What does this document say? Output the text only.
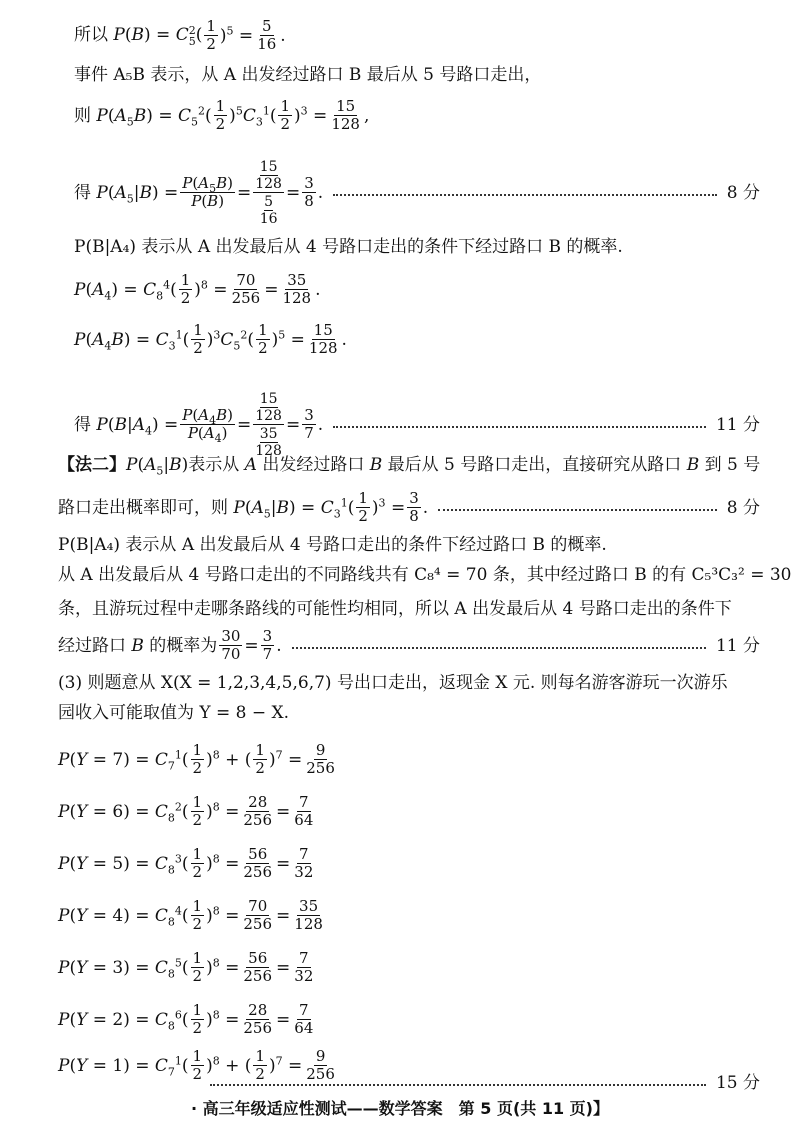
所以 P(B) = C 2
5 ( $\frac{1}{2} )^5 = \frac{5}{16}$ .
事件 A₅B 表示，从 A 出发经过路口 B 最后从 5 号路口走出，
则 $P(A_5B) = C_5^2( \frac{1}{2} )^5C_3^1( \frac{1}{2} )^3 = \frac{15}{128}$ ,
得 $P(A_5|B) = \frac{P(A_5B)}{P(B)} = \frac{\frac{15}{128}}{\frac{5}{16}} = \frac{3}{8}$ .	8 分
P(B|A₄) 表示从 A 出发最后从 4 号路口走出的条件下经过路口 B 的概率.
$P(A_4) = C_8^4( \frac{1}{2} )^8 = \frac{70}{256} = \frac{35}{128}$ .
$P(A_4B) = C_3^1( \frac{1}{2} )^3C_5^2( \frac{1}{2} )^5 = \frac{15}{128}$ .
得 $P(B|A_4) = \frac{P(A_4B)}{P(A_4)} = \frac{\frac{15}{128}}{\frac{35}{128}} = \frac{3}{7}$ .	11 分
【法二】 $P(A_5|B)$表示从 A 出发经过路口 B 最后从 5 号路口走出，直接研究从路口 B 到 5 号
路口走出概率即可，则 $P(A_5|B) = C_3^1( \frac{1}{2} )^3 = \frac{3}{8}$ .	8 分
P(B|A₄) 表示从 A 出发最后从 4 号路口走出的条件下经过路口 B 的概率.
从 A 出发最后从 4 号路口走出的不同路线共有 C₈⁴ = 70 条，其中经过路口 B 的有 C₅³C₃² = 30
条，且游玩过程中走哪条路线的可能性均相同，所以 A 出发最后从 4 号路口走出的条件下
经过路口 B 的概率为 $\frac{30}{70} = \frac{3}{7}$ .	11 分
(3) 则题意从 X(X = 1,2,3,4,5,6,7) 号出口走出，返现金 X 元. 则每名游客游玩一次游乐
园收入可能取值为 Y = 8 − X.
$P(Y = 7) = C_7^1( \frac{1}{2} )^8$ + ( $\frac{1}{2} )^7 = \frac{9}{256}$
$P(Y = 6) = C_8^2( \frac{1}{2} )^8 = \frac{28}{256} = \frac{7}{64}$
$P(Y = 5) = C_8^3( \frac{1}{2} )^8 = \frac{56}{256} = \frac{7}{32}$
$P(Y = 4) = C_8^4( \frac{1}{2} )^8 = \frac{70}{256} = \frac{35}{128}$
$P(Y = 3) = C_8^5( \frac{1}{2} )^8 = \frac{56}{256} = \frac{7}{32}$
$P(Y = 2) = C_8^6( \frac{1}{2} )^8 = \frac{28}{256} = \frac{7}{64}$
$P(Y = 1) = C_7^1( \frac{1}{2} )^8$ + ( $\frac{1}{2} )^7 = \frac{9}{256}$	15 分
· 高三年级适应性测试——数学答案　第 5 页(共 11 页)】
